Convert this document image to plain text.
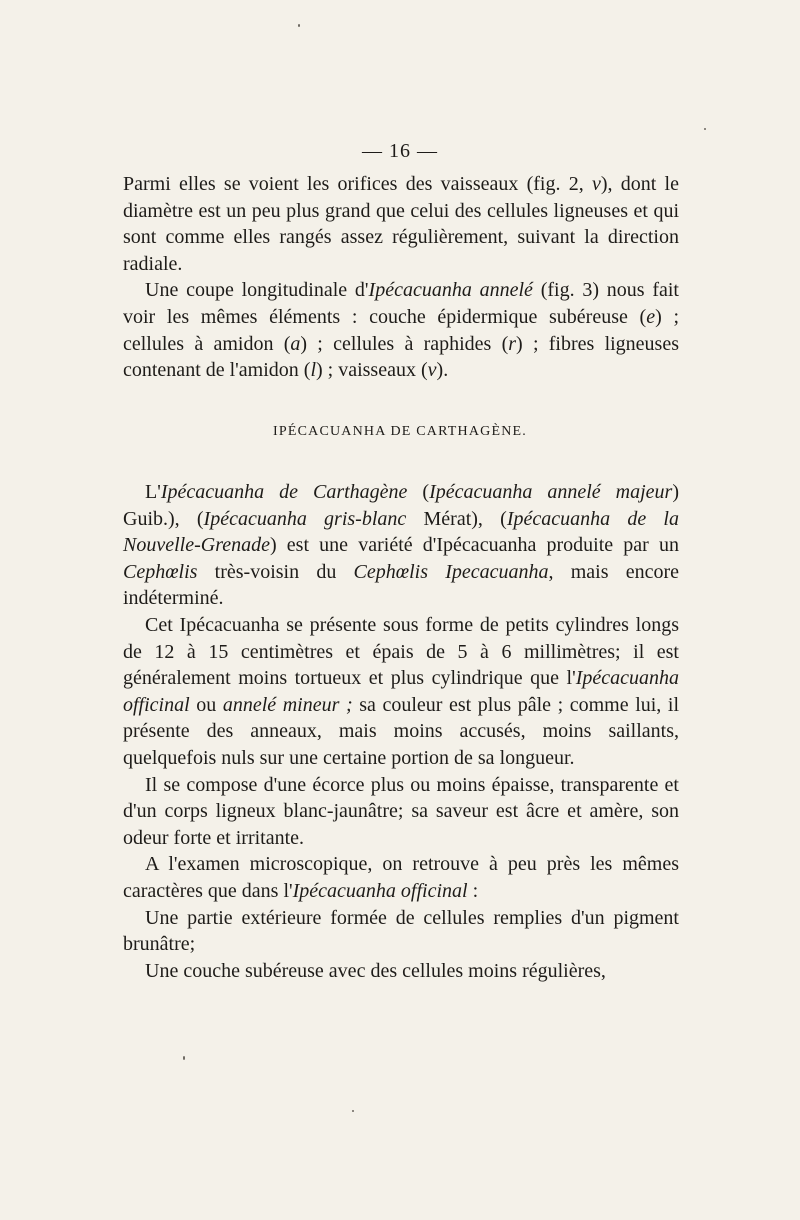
— 16 —

Parmi elles se voient les orifices des vaisseaux (fig. 2, v), dont le diamètre est un peu plus grand que celui des cellules ligneuses et qui sont comme elles rangés assez régulièrement, suivant la direction radiale.

Une coupe longitudinale d'Ipécacuanha annelé (fig. 3) nous fait voir les mêmes éléments : couche épidermique subéreuse (e) ; cellules à amidon (a) ; cellules à raphides (r) ; fibres ligneuses contenant de l'amidon (l) ; vaisseaux (v).

IPÉCACUANHA DE CARTHAGÈNE.

L'Ipécacuanha de Carthagène (Ipécacuanha annelé majeur) Guib.), (Ipécacuanha gris-blanc Mérat), (Ipécacuanha de la Nouvelle-Grenade) est une variété d'Ipécacuanha produite par un Cephœlis très-voisin du Cephœlis Ipecacuanha, mais encore indéterminé.

Cet Ipécacuanha se présente sous forme de petits cylindres longs de 12 à 15 centimètres et épais de 5 à 6 millimètres; il est généralement moins tortueux et plus cylindrique que l'Ipécacuanha officinal ou annelé mineur ; sa couleur est plus pâle ; comme lui, il présente des anneaux, mais moins accusés, moins saillants, quelquefois nuls sur une certaine portion de sa longueur.

Il se compose d'une écorce plus ou moins épaisse, transparente et d'un corps ligneux blanc-jaunâtre; sa saveur est âcre et amère, son odeur forte et irritante.

A l'examen microscopique, on retrouve à peu près les mêmes caractères que dans l'Ipécacuanha officinal :

Une partie extérieure formée de cellules remplies d'un pigment brunâtre;

Une couche subéreuse avec des cellules moins régulières,
